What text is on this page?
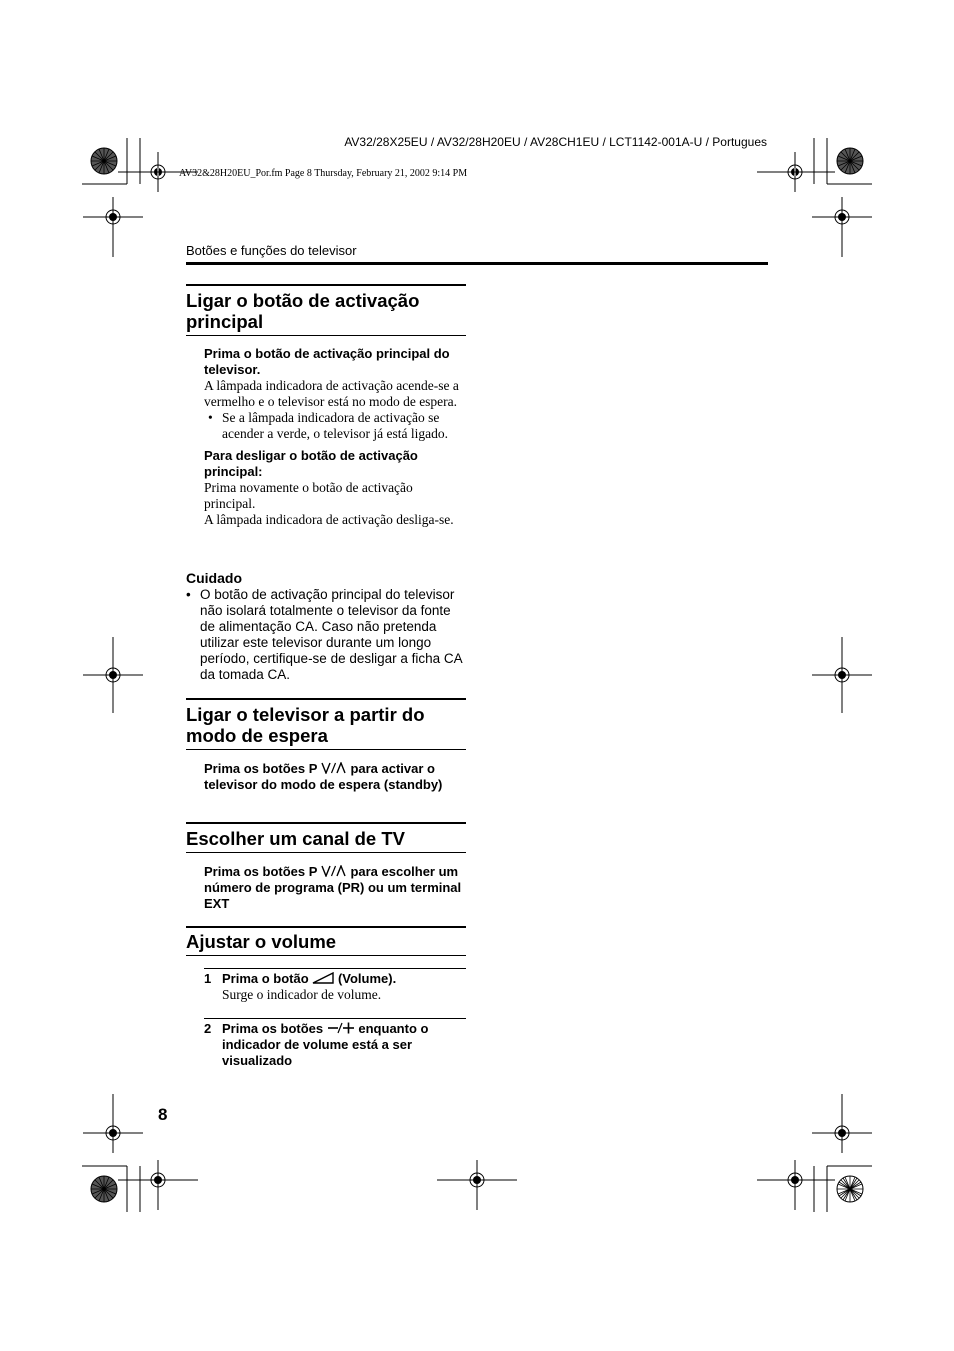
AV32/28X25EU / AV32/28H20EU / AV28CH1EU / LCT1142-001A-U / Portugues
AV32&28H20EU_Por.fm Page 8 Thursday, February 21, 2002 9:14 PM
Botões e funções do televisor
Ligar o botão de activação principal

Prima o botão de activação principal do televisor.

A lâmpada indicadora de activação acende-se a vermelho e o televisor está no modo de espera.

• Se a lâmpada indicadora de activação se acender a verde, o televisor já está ligado.

Para desligar o botão de activação principal:

Prima novamente o botão de activação principal.

A lâmpada indicadora de activação desliga-se.

Cuidado

• O botão de activação principal do televisor não isolará totalmente o televisor da fonte de alimentação CA. Caso não pretenda utilizar este televisor durante um longo período, certifique-se de desligar a ficha CA da tomada CA.
Ligar o televisor a partir do modo de espera

Prima os botões P	para activar o televisor do modo de espera (standby)

Escolher um canal de TV

Prima os botões P	para escolher um número de programa (PR) ou um terminal EXT

Ajustar o volume
1 Prima o botão (Volume).

Surge o indicador de volume.

2 Prima os botões	enquanto o indicador de volume está a ser visualizado

8
